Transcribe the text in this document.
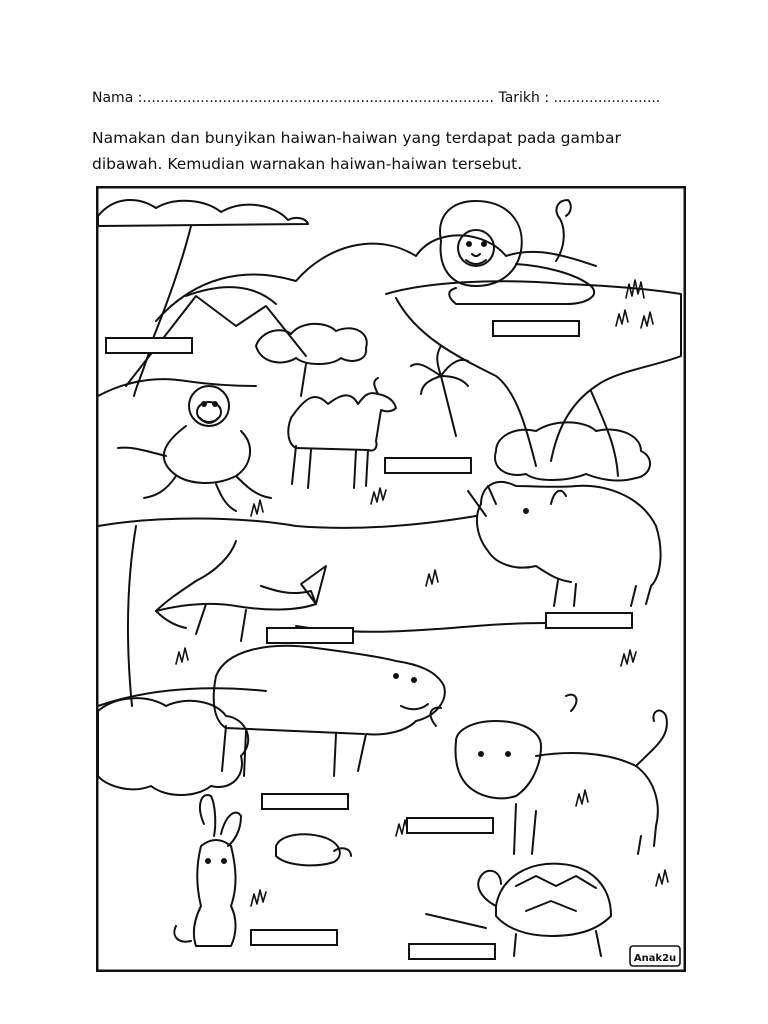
Nama :............................................................................... Tarikh : ........................
Namakan dan bunyikan haiwan-haiwan yang terdapat pada gambar
dibawah. Kemudian warnakan haiwan-haiwan tersebut.
Anak2u
